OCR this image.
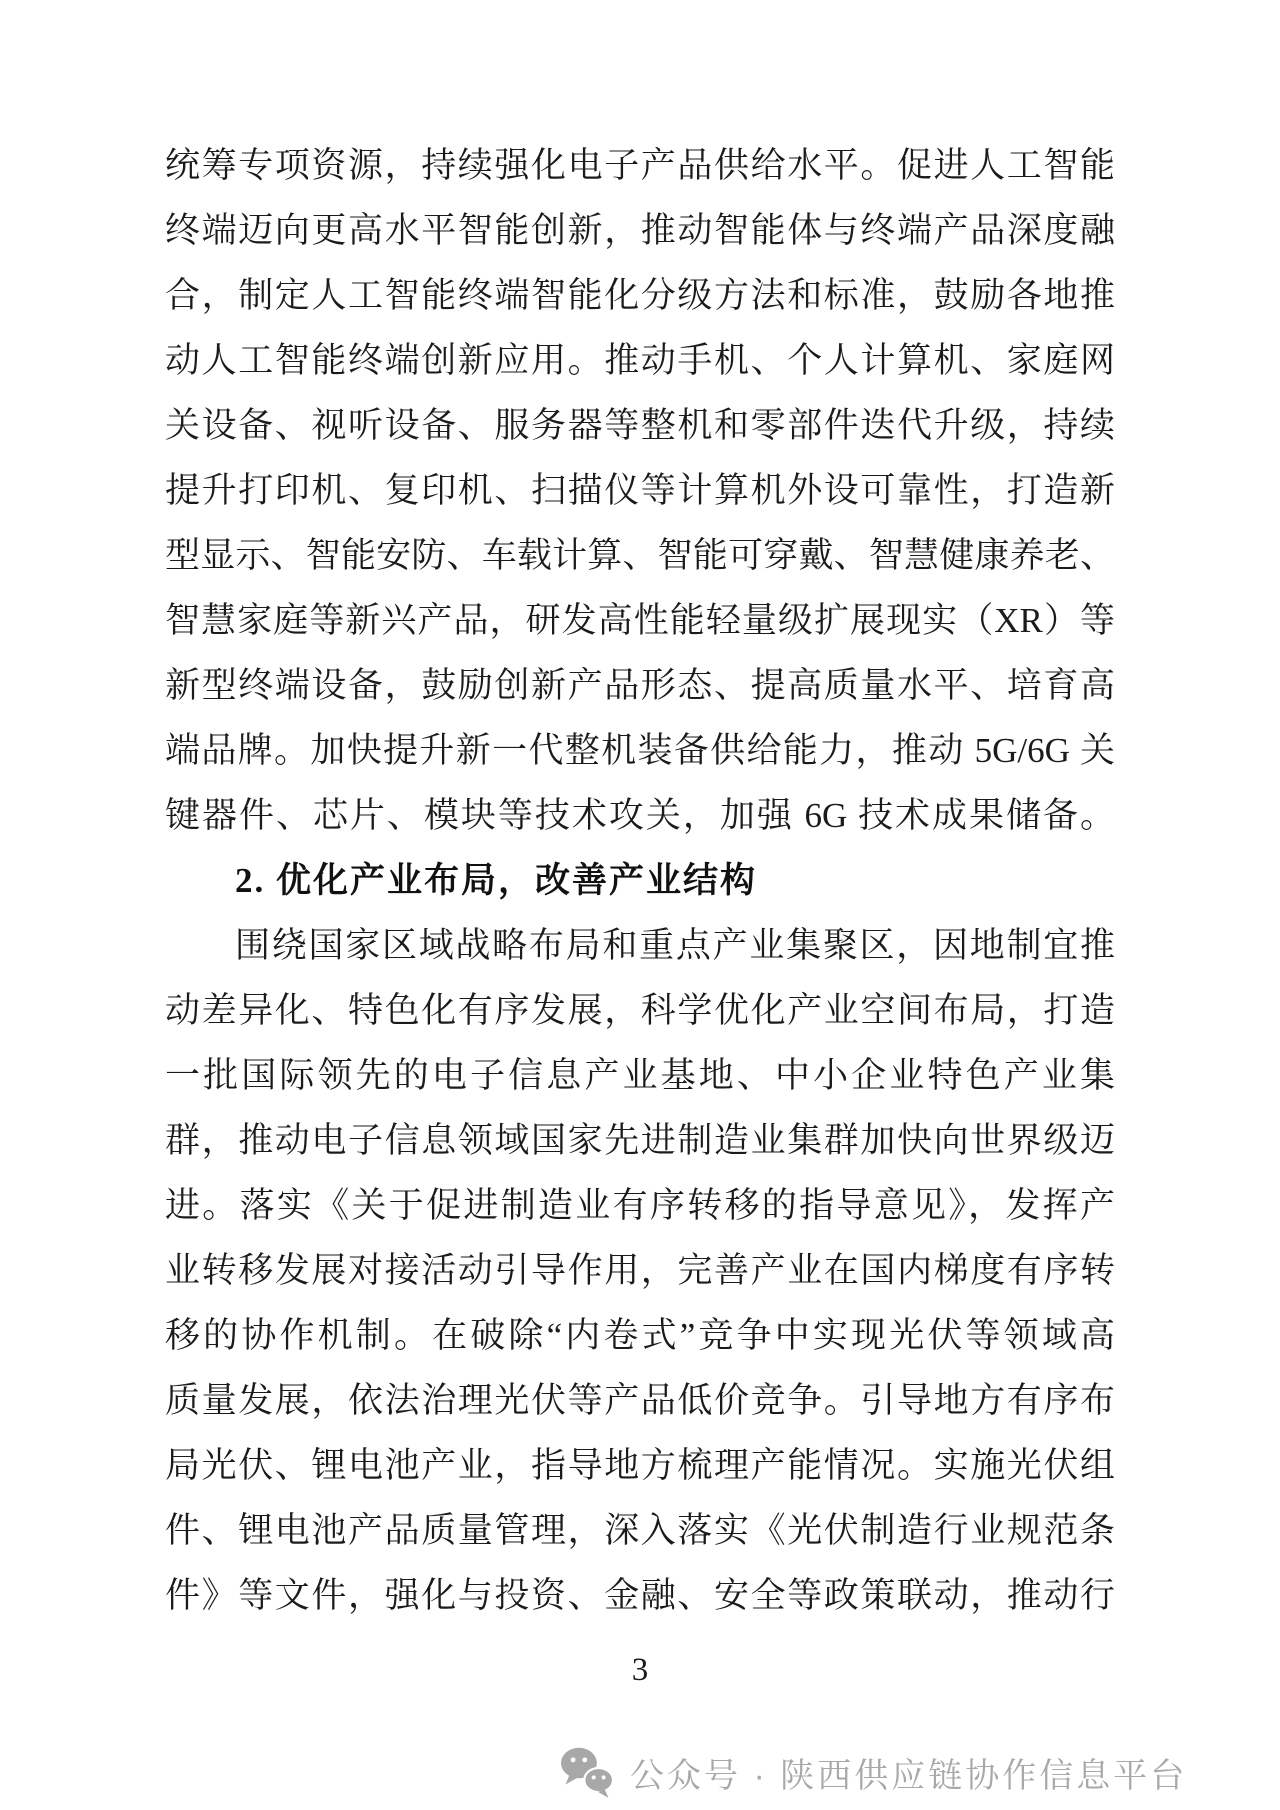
统筹专项资源，持续强化电子产品供给水平。促进人工智能
终端迈向更高水平智能创新，推动智能体与终端产品深度融
合，制定人工智能终端智能化分级方法和标准，鼓励各地推
动人工智能终端创新应用。推动手机、个人计算机、家庭网
关设备、视听设备、服务器等整机和零部件迭代升级，持续
提升打印机、复印机、扫描仪等计算机外设可靠性，打造新
型显示、智能安防、车载计算、智能可穿戴、智慧健康养老、
智慧家庭等新兴产品，研发高性能轻量级扩展现实（XR）等
新型终端设备，鼓励创新产品形态、提高质量水平、培育高
端品牌。加快提升新一代整机装备供给能力，推动 5G/6G 关
键器件、芯片、模块等技术攻关，加强 6G 技术成果储备。
2. 优化产业布局，改善产业结构
围绕国家区域战略布局和重点产业集聚区，因地制宜推
动差异化、特色化有序发展，科学优化产业空间布局，打造
一批国际领先的电子信息产业基地、中小企业特色产业集
群，推动电子信息领域国家先进制造业集群加快向世界级迈
进。落实《关于促进制造业有序转移的指导意见》，发挥产
业转移发展对接活动引导作用，完善产业在国内梯度有序转
移的协作机制。在破除“内卷式”竞争中实现光伏等领域高
质量发展，依法治理光伏等产品低价竞争。引导地方有序布
局光伏、锂电池产业，指导地方梳理产能情况。实施光伏组
件、锂电池产品质量管理，深入落实《光伏制造行业规范条
件》等文件，强化与投资、金融、安全等政策联动，推动行
3
公众号 · 陕西供应链协作信息平台
